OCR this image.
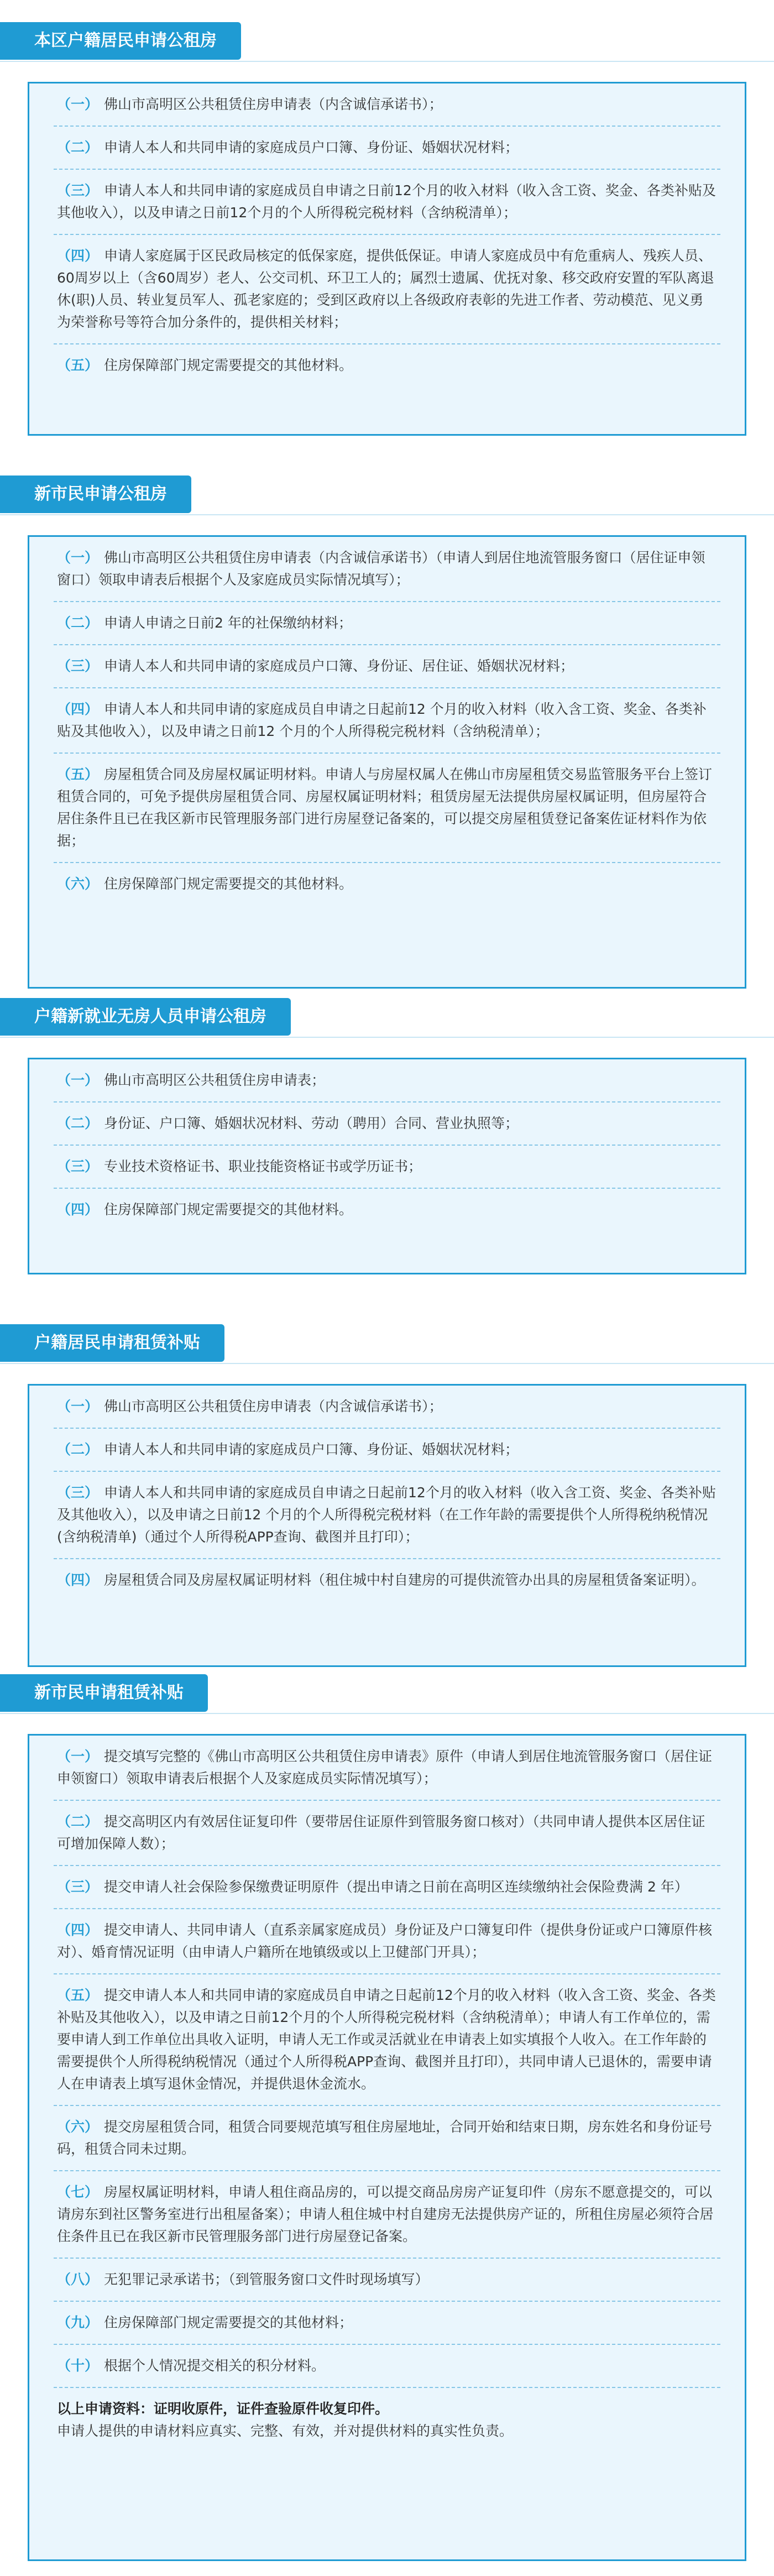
本区户籍居民申请公租房
（一） 佛山市高明区公共租赁住房申请表（内含诚信承诺书）；
（二） 申请人本人和共同申请的家庭成员户口簿、身份证、婚姻状况材料；
（三） 申请人本人和共同申请的家庭成员自申请之日前12个月的收入材料（收入含工资、奖金、各类补贴及其他收入），以及申请之日前12个月的个人所得税完税材料（含纳税清单）；
（四） 申请人家庭属于区民政局核定的低保家庭，提供低保证。申请人家庭成员中有危重病人、残疾人员、60周岁以上（含60周岁）老人、公交司机、环卫工人的；属烈士遗属、优抚对象、移交政府安置的军队离退休(职)人员、转业复员军人、孤老家庭的；受到区政府以上各级政府表彰的先进工作者、劳动模范、见义勇为荣誉称号等符合加分条件的，提供相关材料；
（五） 住房保障部门规定需要提交的其他材料。
新市民申请公租房
（一） 佛山市高明区公共租赁住房申请表（内含诚信承诺书）（申请人到居住地流管服务窗口（居住证申领窗口）领取申请表后根据个人及家庭成员实际情况填写）；
（二） 申请人申请之日前2 年的社保缴纳材料；
（三） 申请人本人和共同申请的家庭成员户口簿、身份证、居住证、婚姻状况材料；
（四） 申请人本人和共同申请的家庭成员自申请之日起前12 个月的收入材料（收入含工资、奖金、各类补贴及其他收入），以及申请之日前12 个月的个人所得税完税材料（含纳税清单）；
（五） 房屋租赁合同及房屋权属证明材料。申请人与房屋权属人在佛山市房屋租赁交易监管服务平台上签订租赁合同的，可免予提供房屋租赁合同、房屋权属证明材料；租赁房屋无法提供房屋权属证明，但房屋符合居住条件且已在我区新市民管理服务部门进行房屋登记备案的，可以提交房屋租赁登记备案佐证材料作为依据；
（六） 住房保障部门规定需要提交的其他材料。
户籍新就业无房人员申请公租房
（一） 佛山市高明区公共租赁住房申请表；
（二） 身份证、户口簿、婚姻状况材料、劳动（聘用）合同、营业执照等；
（三） 专业技术资格证书、职业技能资格证书或学历证书；
（四） 住房保障部门规定需要提交的其他材料。
户籍居民申请租赁补贴
（一） 佛山市高明区公共租赁住房申请表（内含诚信承诺书）；
（二） 申请人本人和共同申请的家庭成员户口簿、身份证、婚姻状况材料；
（三） 申请人本人和共同申请的家庭成员自申请之日起前12个月的收入材料（收入含工资、奖金、各类补贴及其他收入），以及申请之日前12 个月的个人所得税完税材料（在工作年龄的需要提供个人所得税纳税情况(含纳税清单)（通过个人所得税APP查询、截图并且打印）；
（四） 房屋租赁合同及房屋权属证明材料（租住城中村自建房的可提供流管办出具的房屋租赁备案证明）。
新市民申请租赁补贴
（一） 提交填写完整的《佛山市高明区公共租赁住房申请表》原件（申请人到居住地流管服务窗口（居住证申领窗口）领取申请表后根据个人及家庭成员实际情况填写）；
（二） 提交高明区内有效居住证复印件（要带居住证原件到管服务窗口核对）（共同申请人提供本区居住证可增加保障人数）；
（三） 提交申请人社会保险参保缴费证明原件（提出申请之日前在高明区连续缴纳社会保险费满 2 年）
（四） 提交申请人、共同申请人（直系亲属家庭成员）身份证及户口簿复印件（提供身份证或户口簿原件核对）、婚育情况证明（由申请人户籍所在地镇级或以上卫健部门开具）；
（五） 提交申请人本人和共同申请的家庭成员自申请之日起前12个月的收入材料（收入含工资、奖金、各类补贴及其他收入），以及申请之日前12个月的个人所得税完税材料（含纳税清单）；申请人有工作单位的，需要申请人到工作单位出具收入证明，申请人无工作或灵活就业在申请表上如实填报个人收入。在工作年龄的需要提供个人所得税纳税情况（通过个人所得税APP查询、截图并且打印），共同申请人已退休的，需要申请人在申请表上填写退休金情况，并提供退休金流水。
（六） 提交房屋租赁合同，租赁合同要规范填写租住房屋地址，合同开始和结束日期，房东姓名和身份证号码，租赁合同未过期。
（七） 房屋权属证明材料，申请人租住商品房的，可以提交商品房房产证复印件（房东不愿意提交的，可以请房东到社区警务室进行出租屋备案）；申请人租住城中村自建房无法提供房产证的，所租住房屋必须符合居住条件且已在我区新市民管理服务部门进行房屋登记备案。
（八） 无犯罪记录承诺书；（到管服务窗口文件时现场填写）
（九） 住房保障部门规定需要提交的其他材料；
（十） 根据个人情况提交相关的积分材料。
以上申请资料：证明收原件，证件查验原件收复印件。
申请人提供的申请材料应真实、完整、有效，并对提供材料的真实性负责。
